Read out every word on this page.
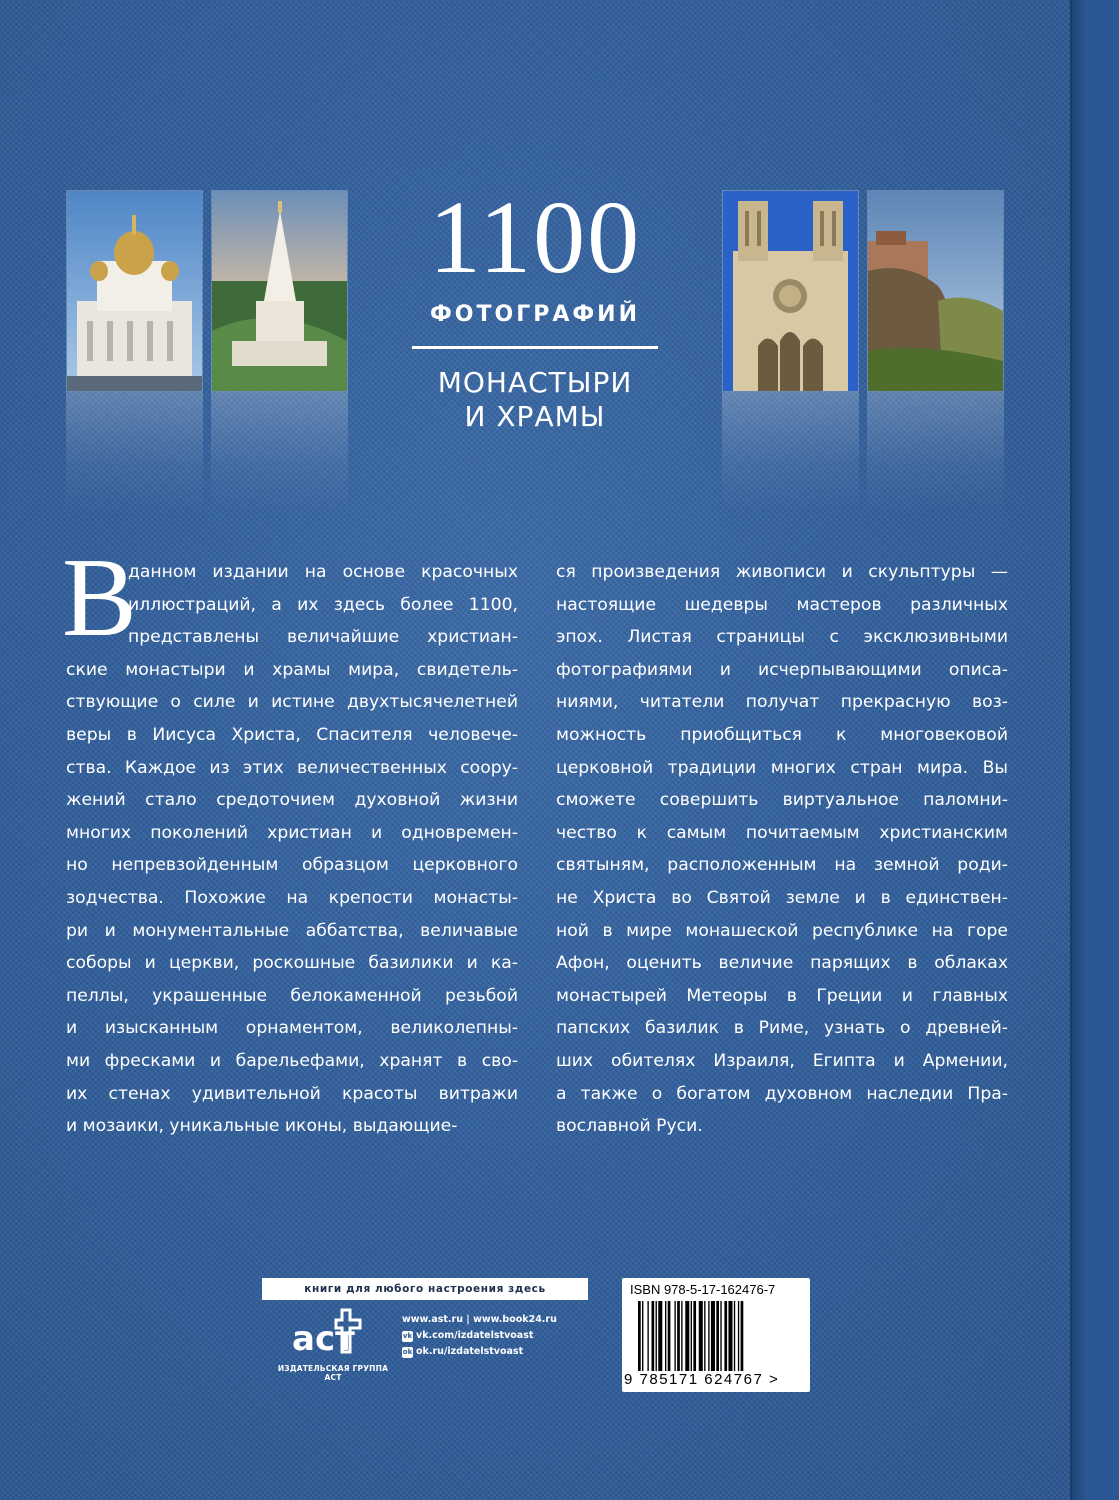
1100
ФОТОГРАФИЙ
МОНАСТЫРИ
И ХРАМЫ
В
данном издании на основе красочных
иллюстраций, а их здесь более 1100,
представлены величайшие христиан-
ские монастыри и храмы мира, свидетель-
ствующие о силе и истине двухтысячелетней
веры в Иисуса Христа, Спасителя человече-
ства. Каждое из этих величественных соору-
жений стало средоточием духовной жизни
многих поколений христиан и одновремен-
но непревзойденным образцом церковного
зодчества. Похожие на крепости монасты-
ри и монументальные аббатства, величавые
соборы и церкви, роскошные базилики и ка-
пеллы, украшенные белокаменной резьбой
и изысканным орнаментом, великолепны-
ми фресками и барельефами, хранят в сво-
их стенах удивительной красоты витражи
и мозаики, уникальные иконы, выдающие-
ся произведения живописи и скульптуры —
настоящие шедевры мастеров различных
эпох. Листая страницы с эксклюзивными
фотографиями и исчерпывающими описа-
ниями, читатели получат прекрасную воз-
можность приобщиться к многовековой
церковной традиции многих стран мира. Вы
сможете совершить виртуальное паломни-
чество к самым почитаемым христианским
святыням, расположенным на земной роди-
не Христа во Святой земле и в единствен-
ной в мире монашеской республике на горе
Афон, оценить величие парящих в облаках
монастырей Метеоры в Греции и главных
папских базилик в Риме, узнать о древней-
ших обителях Израиля, Египта и Армении,
а также о богатом духовном наследии Пра-
вославной Руси.
книги для любого настроения здесь
аст
ИЗДАТЕЛЬСКАЯ ГРУППА АСТ
www.ast.ru | www.book24.ru
vk vk.com/izdatelstvoast
ok ok.ru/izdatelstvoast
ISBN 978-5-17-162476-7
9 785171 624767 >
